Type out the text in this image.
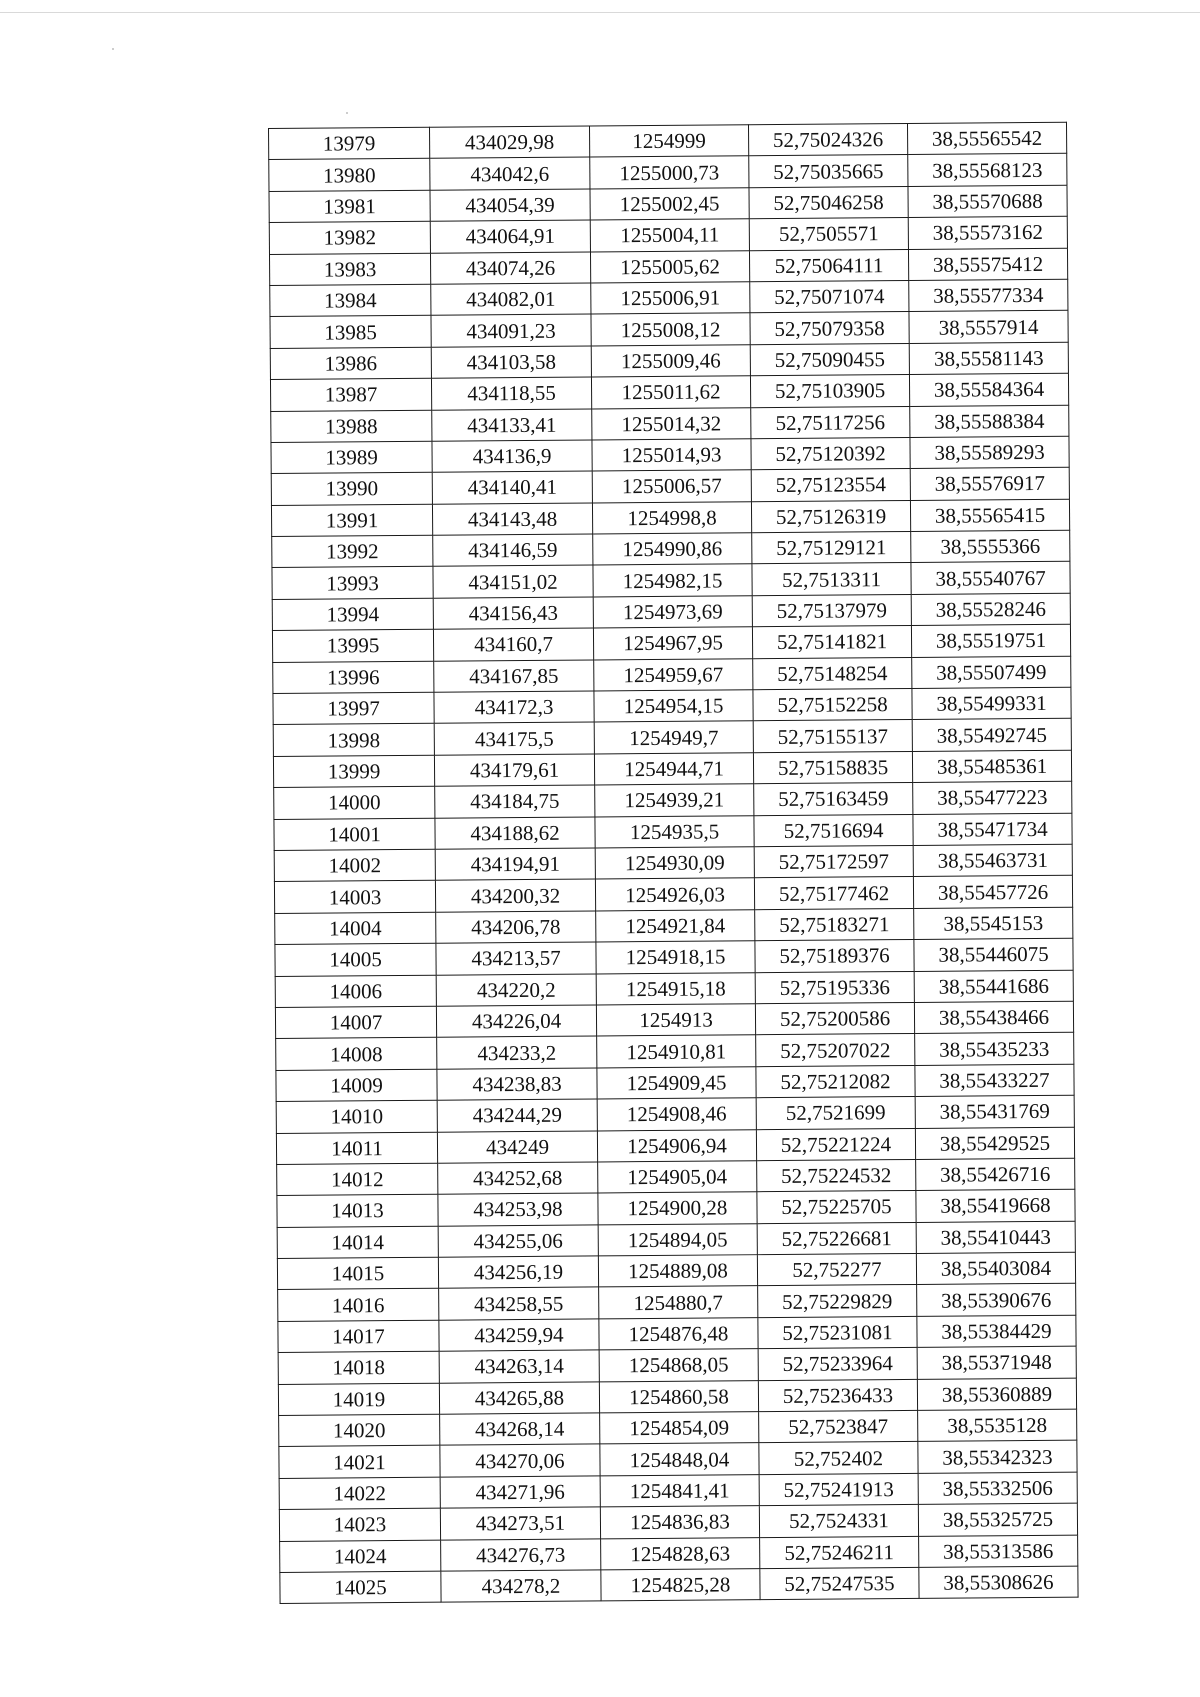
13979	434029,98	1254999	52,75024326	38,55565542
13980	434042,6	1255000,73	52,75035665	38,55568123
13981	434054,39	1255002,45	52,75046258	38,55570688
13982	434064,91	1255004,11	52,7505571	38,55573162
13983	434074,26	1255005,62	52,75064111	38,55575412
13984	434082,01	1255006,91	52,75071074	38,55577334
13985	434091,23	1255008,12	52,75079358	38,5557914
13986	434103,58	1255009,46	52,75090455	38,55581143
13987	434118,55	1255011,62	52,75103905	38,55584364
13988	434133,41	1255014,32	52,75117256	38,55588384
13989	434136,9	1255014,93	52,75120392	38,55589293
13990	434140,41	1255006,57	52,75123554	38,55576917
13991	434143,48	1254998,8	52,75126319	38,55565415
13992	434146,59	1254990,86	52,75129121	38,5555366
13993	434151,02	1254982,15	52,7513311	38,55540767
13994	434156,43	1254973,69	52,75137979	38,55528246
13995	434160,7	1254967,95	52,75141821	38,55519751
13996	434167,85	1254959,67	52,75148254	38,55507499
13997	434172,3	1254954,15	52,75152258	38,55499331
13998	434175,5	1254949,7	52,75155137	38,55492745
13999	434179,61	1254944,71	52,75158835	38,55485361
14000	434184,75	1254939,21	52,75163459	38,55477223
14001	434188,62	1254935,5	52,7516694	38,55471734
14002	434194,91	1254930,09	52,75172597	38,55463731
14003	434200,32	1254926,03	52,75177462	38,55457726
14004	434206,78	1254921,84	52,75183271	38,5545153
14005	434213,57	1254918,15	52,75189376	38,55446075
14006	434220,2	1254915,18	52,75195336	38,55441686
14007	434226,04	1254913	52,75200586	38,55438466
14008	434233,2	1254910,81	52,75207022	38,55435233
14009	434238,83	1254909,45	52,75212082	38,55433227
14010	434244,29	1254908,46	52,7521699	38,55431769
14011	434249	1254906,94	52,75221224	38,55429525
14012	434252,68	1254905,04	52,75224532	38,55426716
14013	434253,98	1254900,28	52,75225705	38,55419668
14014	434255,06	1254894,05	52,75226681	38,55410443
14015	434256,19	1254889,08	52,752277	38,55403084
14016	434258,55	1254880,7	52,75229829	38,55390676
14017	434259,94	1254876,48	52,75231081	38,55384429
14018	434263,14	1254868,05	52,75233964	38,55371948
14019	434265,88	1254860,58	52,75236433	38,55360889
14020	434268,14	1254854,09	52,7523847	38,5535128
14021	434270,06	1254848,04	52,752402	38,55342323
14022	434271,96	1254841,41	52,75241913	38,55332506
14023	434273,51	1254836,83	52,7524331	38,55325725
14024	434276,73	1254828,63	52,75246211	38,55313586
14025	434278,2	1254825,28	52,75247535	38,55308626
